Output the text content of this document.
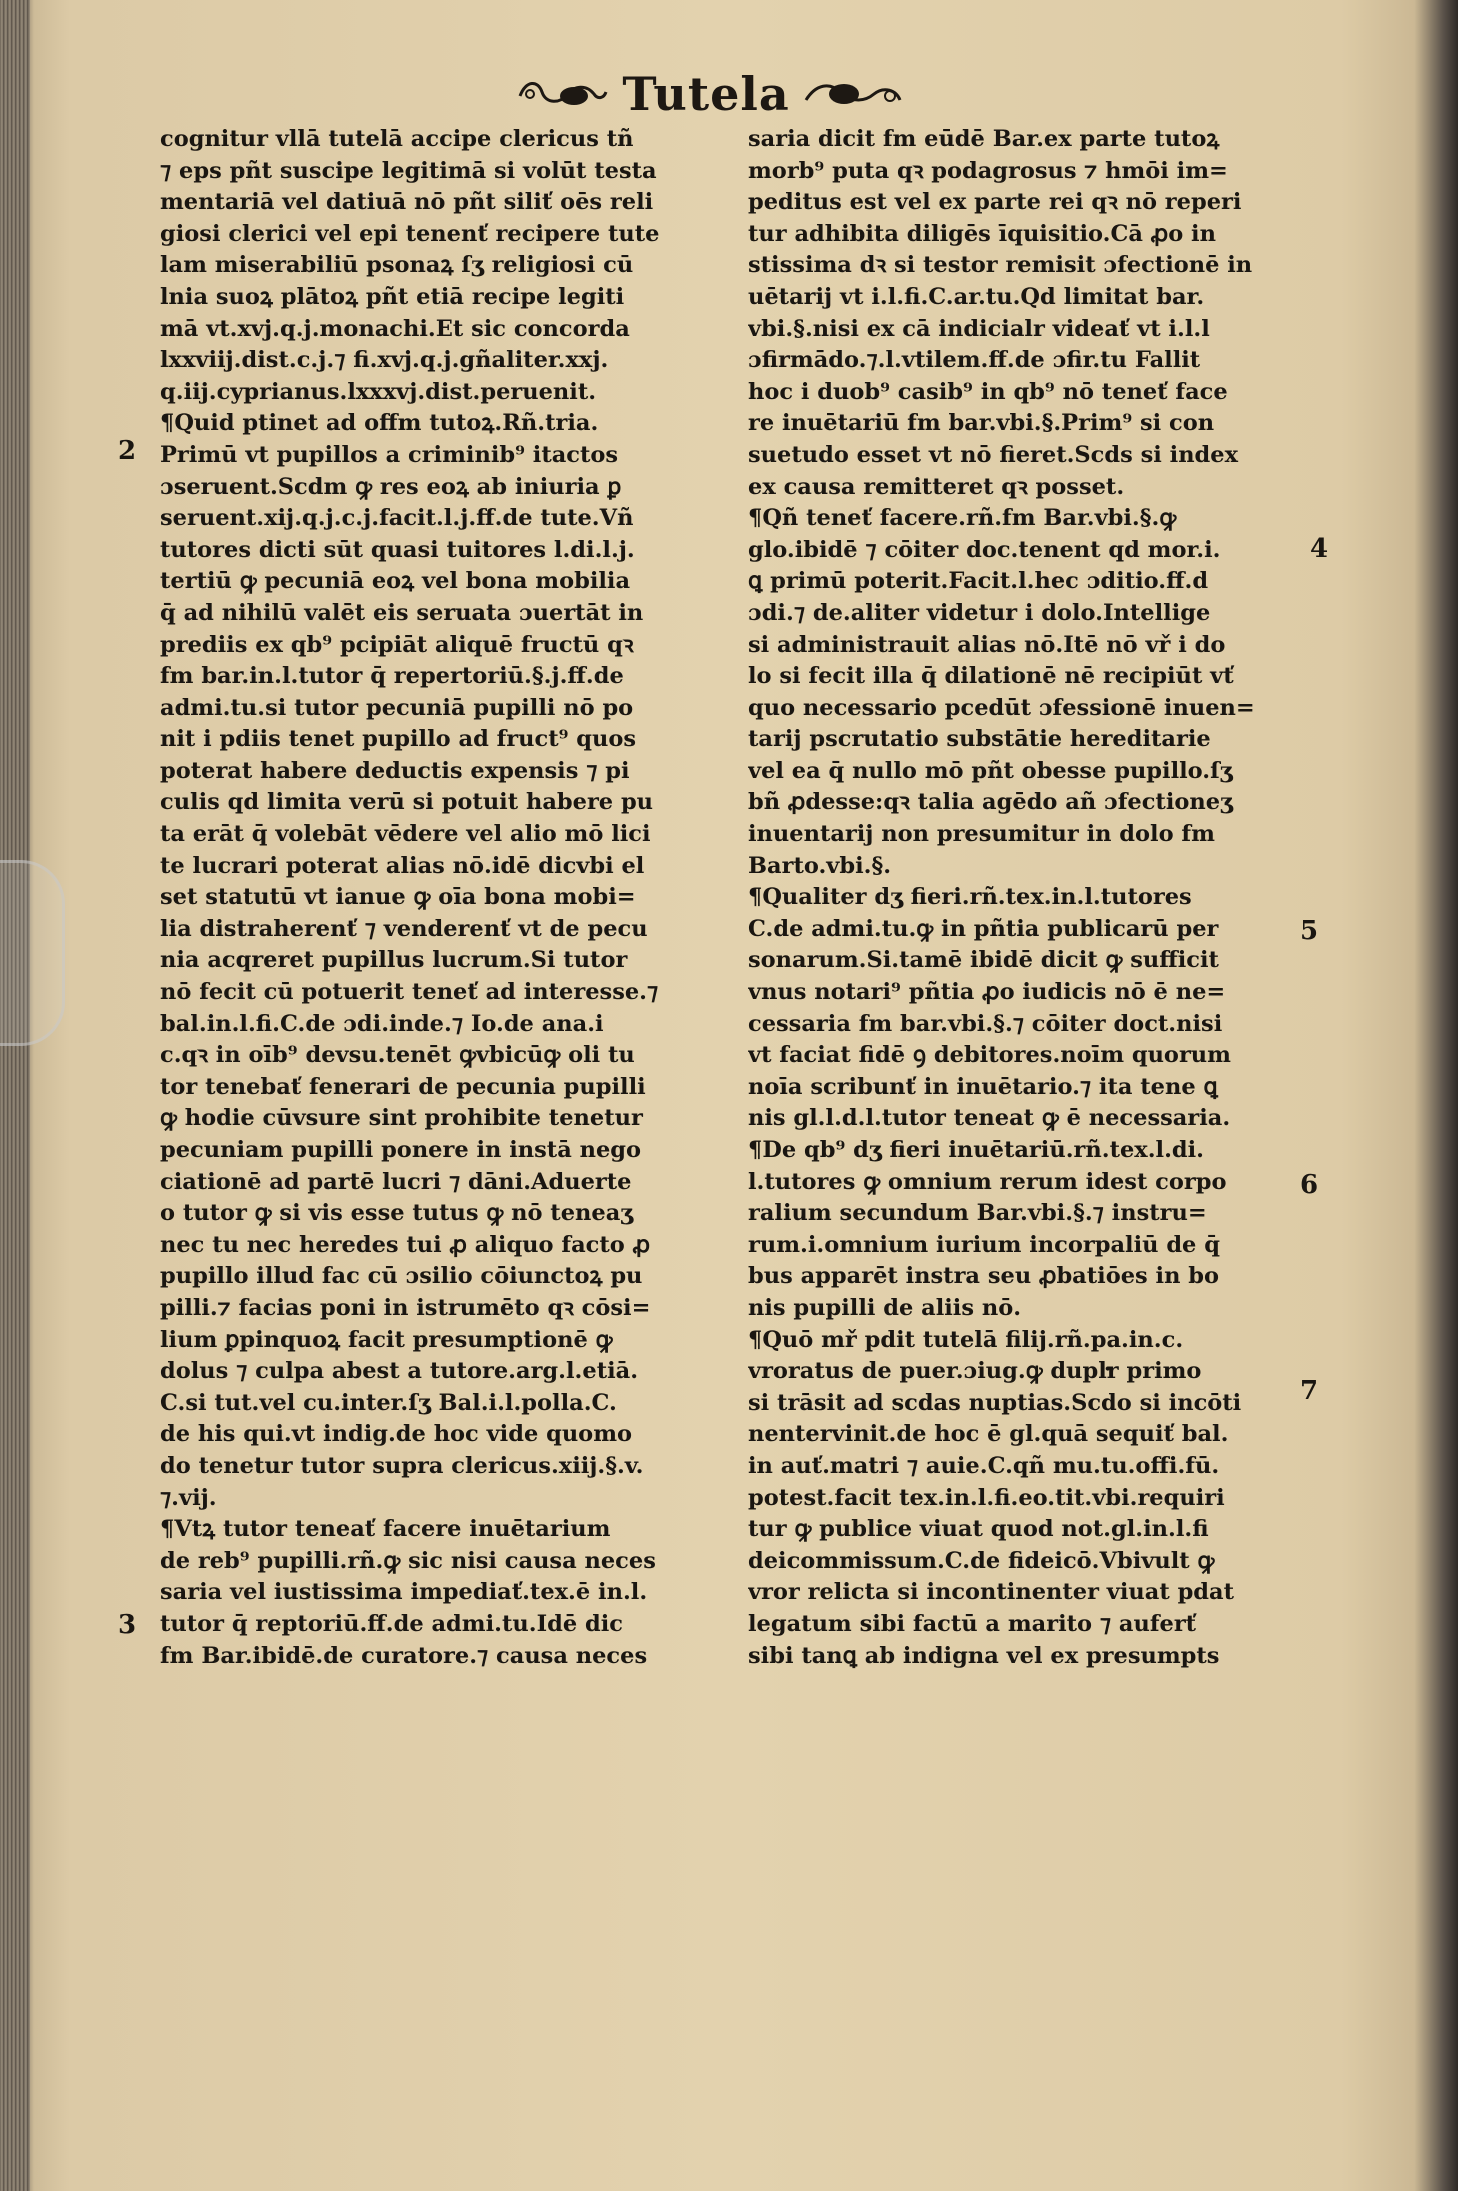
Tutela
cognitur vllā tutelā accipe clericus tñ
⁊ eps pñt suscipe legitimā si volūt testa
mentariā vel datiuā nō pñt siliť oēs reli
giosi clerici vel epi tenenť recipere tute
lam miserabiliū psonaꝝ ſʒ religiosi cū
lnia suoꝝ plātoꝝ pñt etiā recipe legiti
mā vt.xvj.q.j.monachi.Et sic concorda
lxxviij.dist.c.j.⁊ fi.xvj.q.j.gñaliter.xxj.
q.iij.cyprianus.lxxxvj.dist.peruenit.
¶Quid ptinet ad offm tutoꝝ.Rñ.tria.
Primū vt pupillos a criminib⁹ itactos
ɔseruent.Scdm ꝙ res eoꝝ ab iniuria ꝑ
seruent.xij.q.j.c.j.facit.l.j.ff.de tute.Vñ
tutores dicti sūt quasi tuitores l.di.l.j.
tertiū ꝙ pecuniā eoꝝ vel bona mobilia
q̄ ad nihilū valēt eis seruata ɔuertāt in
prediis ex qb⁹ pcipiāt aliquē fructū qꝛ
fm bar.in.l.tutor q̄ repertoriū.§.j.ff.de
admi.tu.si tutor pecuniā pupilli nō po
nit i pdiis tenet pupillo ad fruct⁹ quos
poterat habere deductis expensis ⁊ pi
culis qd limita verū si potuit habere pu
ta erāt q̄ volebāt vēdere vel alio mō lici
te lucrari poterat alias nō.idē dicvbi el
set statutū vt ianue ꝙ oīa bona mobi=
lia distraherenť ⁊ venderenť vt de pecu
nia acqreret pupillus lucrum.Si tutor
nō fecit cū potuerit teneť ad interesse.⁊
bal.in.l.fi.C.de ɔdi.inde.⁊ Io.de ana.i
c.qꝛ in oīb⁹ devsu.tenēt ꝙvbicūꝙ oli tu
tor tenebať fenerari de pecunia pupilli
ꝙ hodie cūvsure sint prohibite tenetur
pecuniam pupilli ponere in instā nego
ciationē ad partē lucri ⁊ dāni.Aduerte
o tutor ꝙ si vis esse tutus ꝙ nō teneaʒ
nec tu nec heredes tui ꝓ aliquo facto ꝓ
pupillo illud fac cū ɔsilio cōiunctoꝝ pu
pilli.⁊ facias poni in istrumēto qꝛ cōsi=
lium ꝑpinquoꝝ facit presumptionē ꝙ
dolus ⁊ culpa abest a tutore.arg.l.etiā.
C.si tut.vel cu.inter.ſʒ Bal.i.l.polla.C.
de his qui.vt indig.de hoc vide quomo
do tenetur tutor supra clericus.xiij.§.v.
⁊.vij.
¶Vtꝝ tutor teneať facere inuētarium
de reb⁹ pupilli.rñ.ꝙ sic nisi causa neces
saria vel iustissima impediať.tex.ē in.l.
tutor q̄ reptoriū.ff.de admi.tu.Idē dic
fm Bar.ibidē.de curatore.⁊ causa neces
saria dicit fm eūdē Bar.ex parte tutoꝝ
morb⁹ puta qꝛ podagrosus ⁊ hmōi im=
peditus est vel ex parte rei qꝛ nō reperi
tur adhibita diligēs īquisitio.Cā ꝓo in
stissima dꝛ si testor remisit ɔfectionē in
uētarij vt i.l.fi.C.ar.tu.Qd limitat bar.
vbi.§.nisi ex cā indicialr videať vt i.l.l
ɔfirmādo.⁊.l.vtilem.ff.de ɔfir.tu Fallit
hoc i duob⁹ casib⁹ in qb⁹ nō teneť face
re inuētariū fm bar.vbi.§.Prim⁹ si con
suetudo esset vt nō fieret.Scds si index
ex causa remitteret qꝛ posset.
¶Qñ teneť facere.rñ.fm Bar.vbi.§.ꝙ
glo.ibidē ⁊ cōiter doc.tenent qd mor.i.
ꝗ primū poterit.Facit.l.hec ɔditio.ff.d
ɔdi.⁊ de.aliter videtur i dolo.Intellige
si administrauit alias nō.Itē nō vř i do
lo si fecit illa q̄ dilationē nē recipiūt vť
quo necessario pcedūt ɔfessionē inuen=
tarij pscrutatio substātie hereditarie
vel ea q̄ nullo mō pñt obesse pupillo.ſʒ
bñ ꝓdesse:qꝛ talia agēdo añ ɔfectioneʒ
inuentarij non presumitur in dolo fm
Barto.vbi.§.
¶Qualiter dʒ fieri.rñ.tex.in.l.tutores
C.de admi.tu.ꝙ in pñtia publicarū per
sonarum.Si.tamē ibidē dicit ꝙ sufficit
vnus notari⁹ pñtia ꝓo iudicis nō ē ne=
cessaria fm bar.vbi.§.⁊ cōiter doct.nisi
vt faciat fidē ꝯ debitores.noīm quorum
noīa scribunť in inuētario.⁊ ita tene ꝗ
nis gl.l.d.l.tutor teneat ꝙ ē necessaria.
¶De qb⁹ dʒ fieri inuētariū.rñ.tex.l.di.
l.tutores ꝙ omnium rerum idest corpo
ralium secundum Bar.vbi.§.⁊ instru=
rum.i.omnium iurium incorpaliū de q̄
bus apparēt instra seu ꝓbatiōes in bo
nis pupilli de aliis nō.
¶Quō mř pdit tutelā filij.rñ.pa.in.c.
vroratus de puer.ɔiug.ꝙ dupŀr primo
si trāsit ad scdas nuptias.Scdo si incōti
nentervinit.de hoc ē gl.quā sequiť bal.
in auť.matri ⁊ auie.C.qñ mu.tu.offi.fū.
potest.facit tex.in.l.fi.eo.tit.vbi.requiri
tur ꝙ publice viuat quod not.gl.in.l.fi
deicommissum.C.de fideicō.Vbivult ꝙ
vror relicta si incontinenter viuat pdat
legatum sibi factū a marito ⁊ auferť
sibi tanꝗ ab indigna vel ex presumpts
2
3
4
5
6
7
